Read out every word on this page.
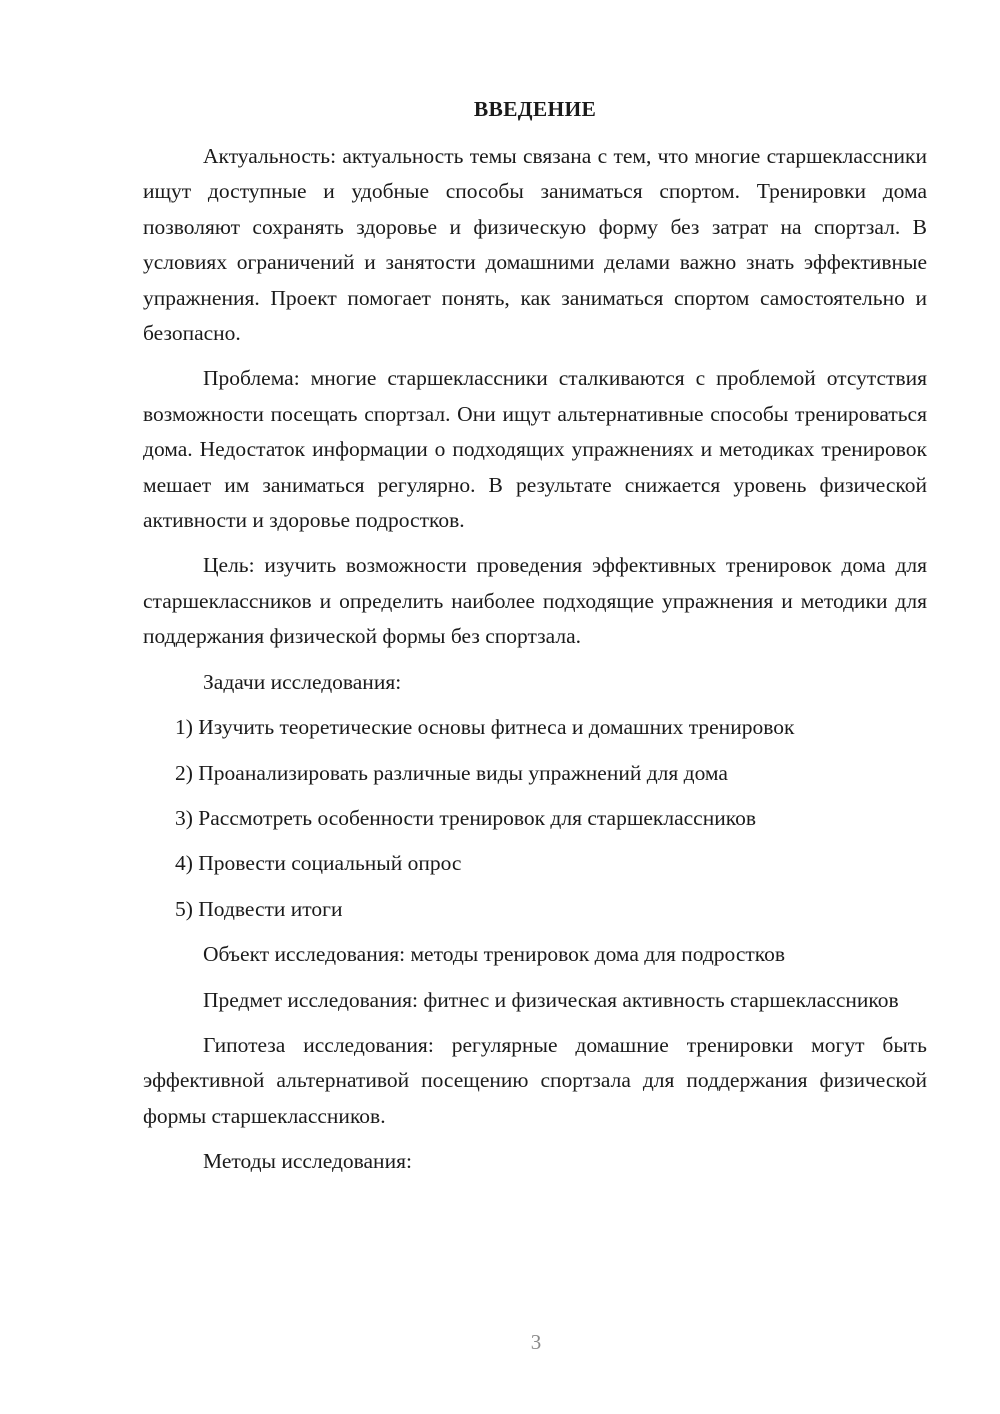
ВВЕДЕНИЕ

Актуальность: актуальность темы связана с тем, что многие старшеклассники ищут доступные и удобные способы заниматься спортом. Тренировки дома позволяют сохранять здоровье и физическую форму без затрат на спортзал. В условиях ограничений и занятости домашними делами важно знать эффективные упражнения. Проект помогает понять, как заниматься спортом самостоятельно и безопасно.

Проблема: многие старшеклассники сталкиваются с проблемой отсутствия возможности посещать спортзал. Они ищут альтернативные способы тренироваться дома. Недостаток информации о подходящих упражнениях и методиках тренировок мешает им заниматься регулярно. В результате снижается уровень физической активности и здоровье подростков.

Цель: изучить возможности проведения эффективных тренировок дома для старшеклассников и определить наиболее подходящие упражнения и методики для поддержания физической формы без спортзала.

Задачи исследования:

1) Изучить теоретические основы фитнеса и домашних тренировок
2) Проанализировать различные виды упражнений для дома
3) Рассмотреть особенности тренировок для старшеклассников
4) Провести социальный опрос
5) Подвести итоги

Объект исследования: методы тренировок дома для подростков

Предмет исследования: фитнес и физическая активность старшеклассников

Гипотеза исследования: регулярные домашние тренировки могут быть эффективной альтернативой посещению спортзала для поддержания физической формы старшеклассников.

Методы исследования:

3
